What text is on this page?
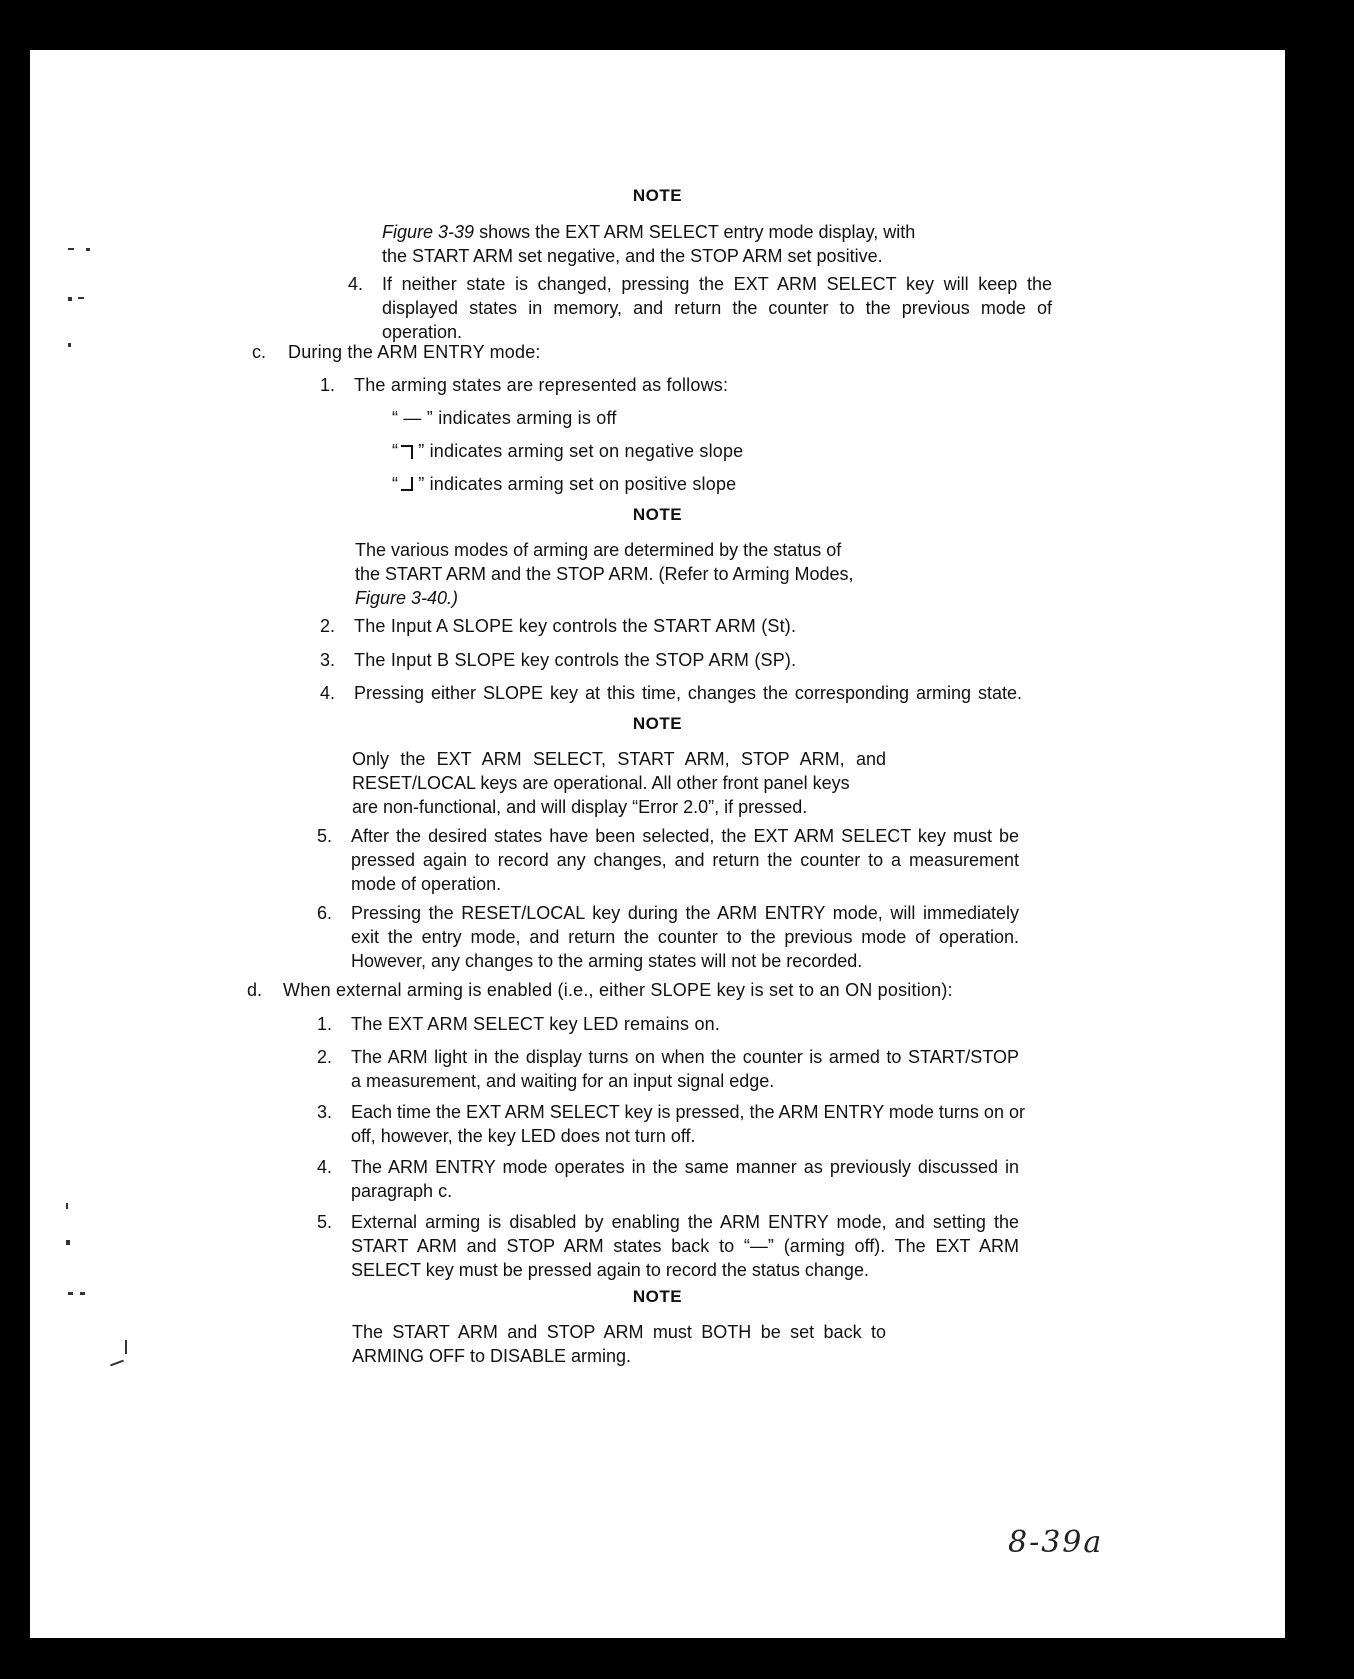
NOTE
Figure 3-39 shows the EXT ARM SELECT entry mode display, with
the START ARM set negative, and the STOP ARM set positive.
4. If neither state is changed, pressing the EXT ARM SELECT key will keep the
displayed states in memory, and return the counter to the previous mode of
operation.
c. During the ARM ENTRY mode:
1. The arming states are represented as follows:
“ — ” indicates arming is off
“ ” indicates arming set on negative slope
“ ” indicates arming set on positive slope
NOTE
The various modes of arming are determined by the status of
the START ARM and the STOP ARM. (Refer to Arming Modes,
Figure 3-40.)
2. The Input A SLOPE key controls the START ARM (St).
3. The Input B SLOPE key controls the STOP ARM (SP).
4. Pressing either SLOPE key at this time, changes the corresponding arming state.
NOTE
Only the EXT ARM SELECT, START ARM, STOP ARM, and
RESET/LOCAL keys are operational. All other front panel keys
are non-functional, and will display “Error 2.0”, if pressed.
5. After the desired states have been selected, the EXT ARM SELECT key must be
pressed again to record any changes, and return the counter to a measurement
mode of operation.
6. Pressing the RESET/LOCAL key during the ARM ENTRY mode, will immediately
exit the entry mode, and return the counter to the previous mode of operation.
However, any changes to the arming states will not be recorded.
d. When external arming is enabled (i.e., either SLOPE key is set to an ON position):
1. The EXT ARM SELECT key LED remains on.
2. The ARM light in the display turns on when the counter is armed to START/STOP
a measurement, and waiting for an input signal edge.
3. Each time the EXT ARM SELECT key is pressed, the ARM ENTRY mode turns on or
off, however, the key LED does not turn off.
4. The ARM ENTRY mode operates in the same manner as previously discussed in
paragraph c.
5. External arming is disabled by enabling the ARM ENTRY mode, and setting the
START ARM and STOP ARM states back to “—” (arming off). The EXT ARM
SELECT key must be pressed again to record the status change.
NOTE
The START ARM and STOP ARM must BOTH be set back to
ARMING OFF to DISABLE arming.
8-39a
